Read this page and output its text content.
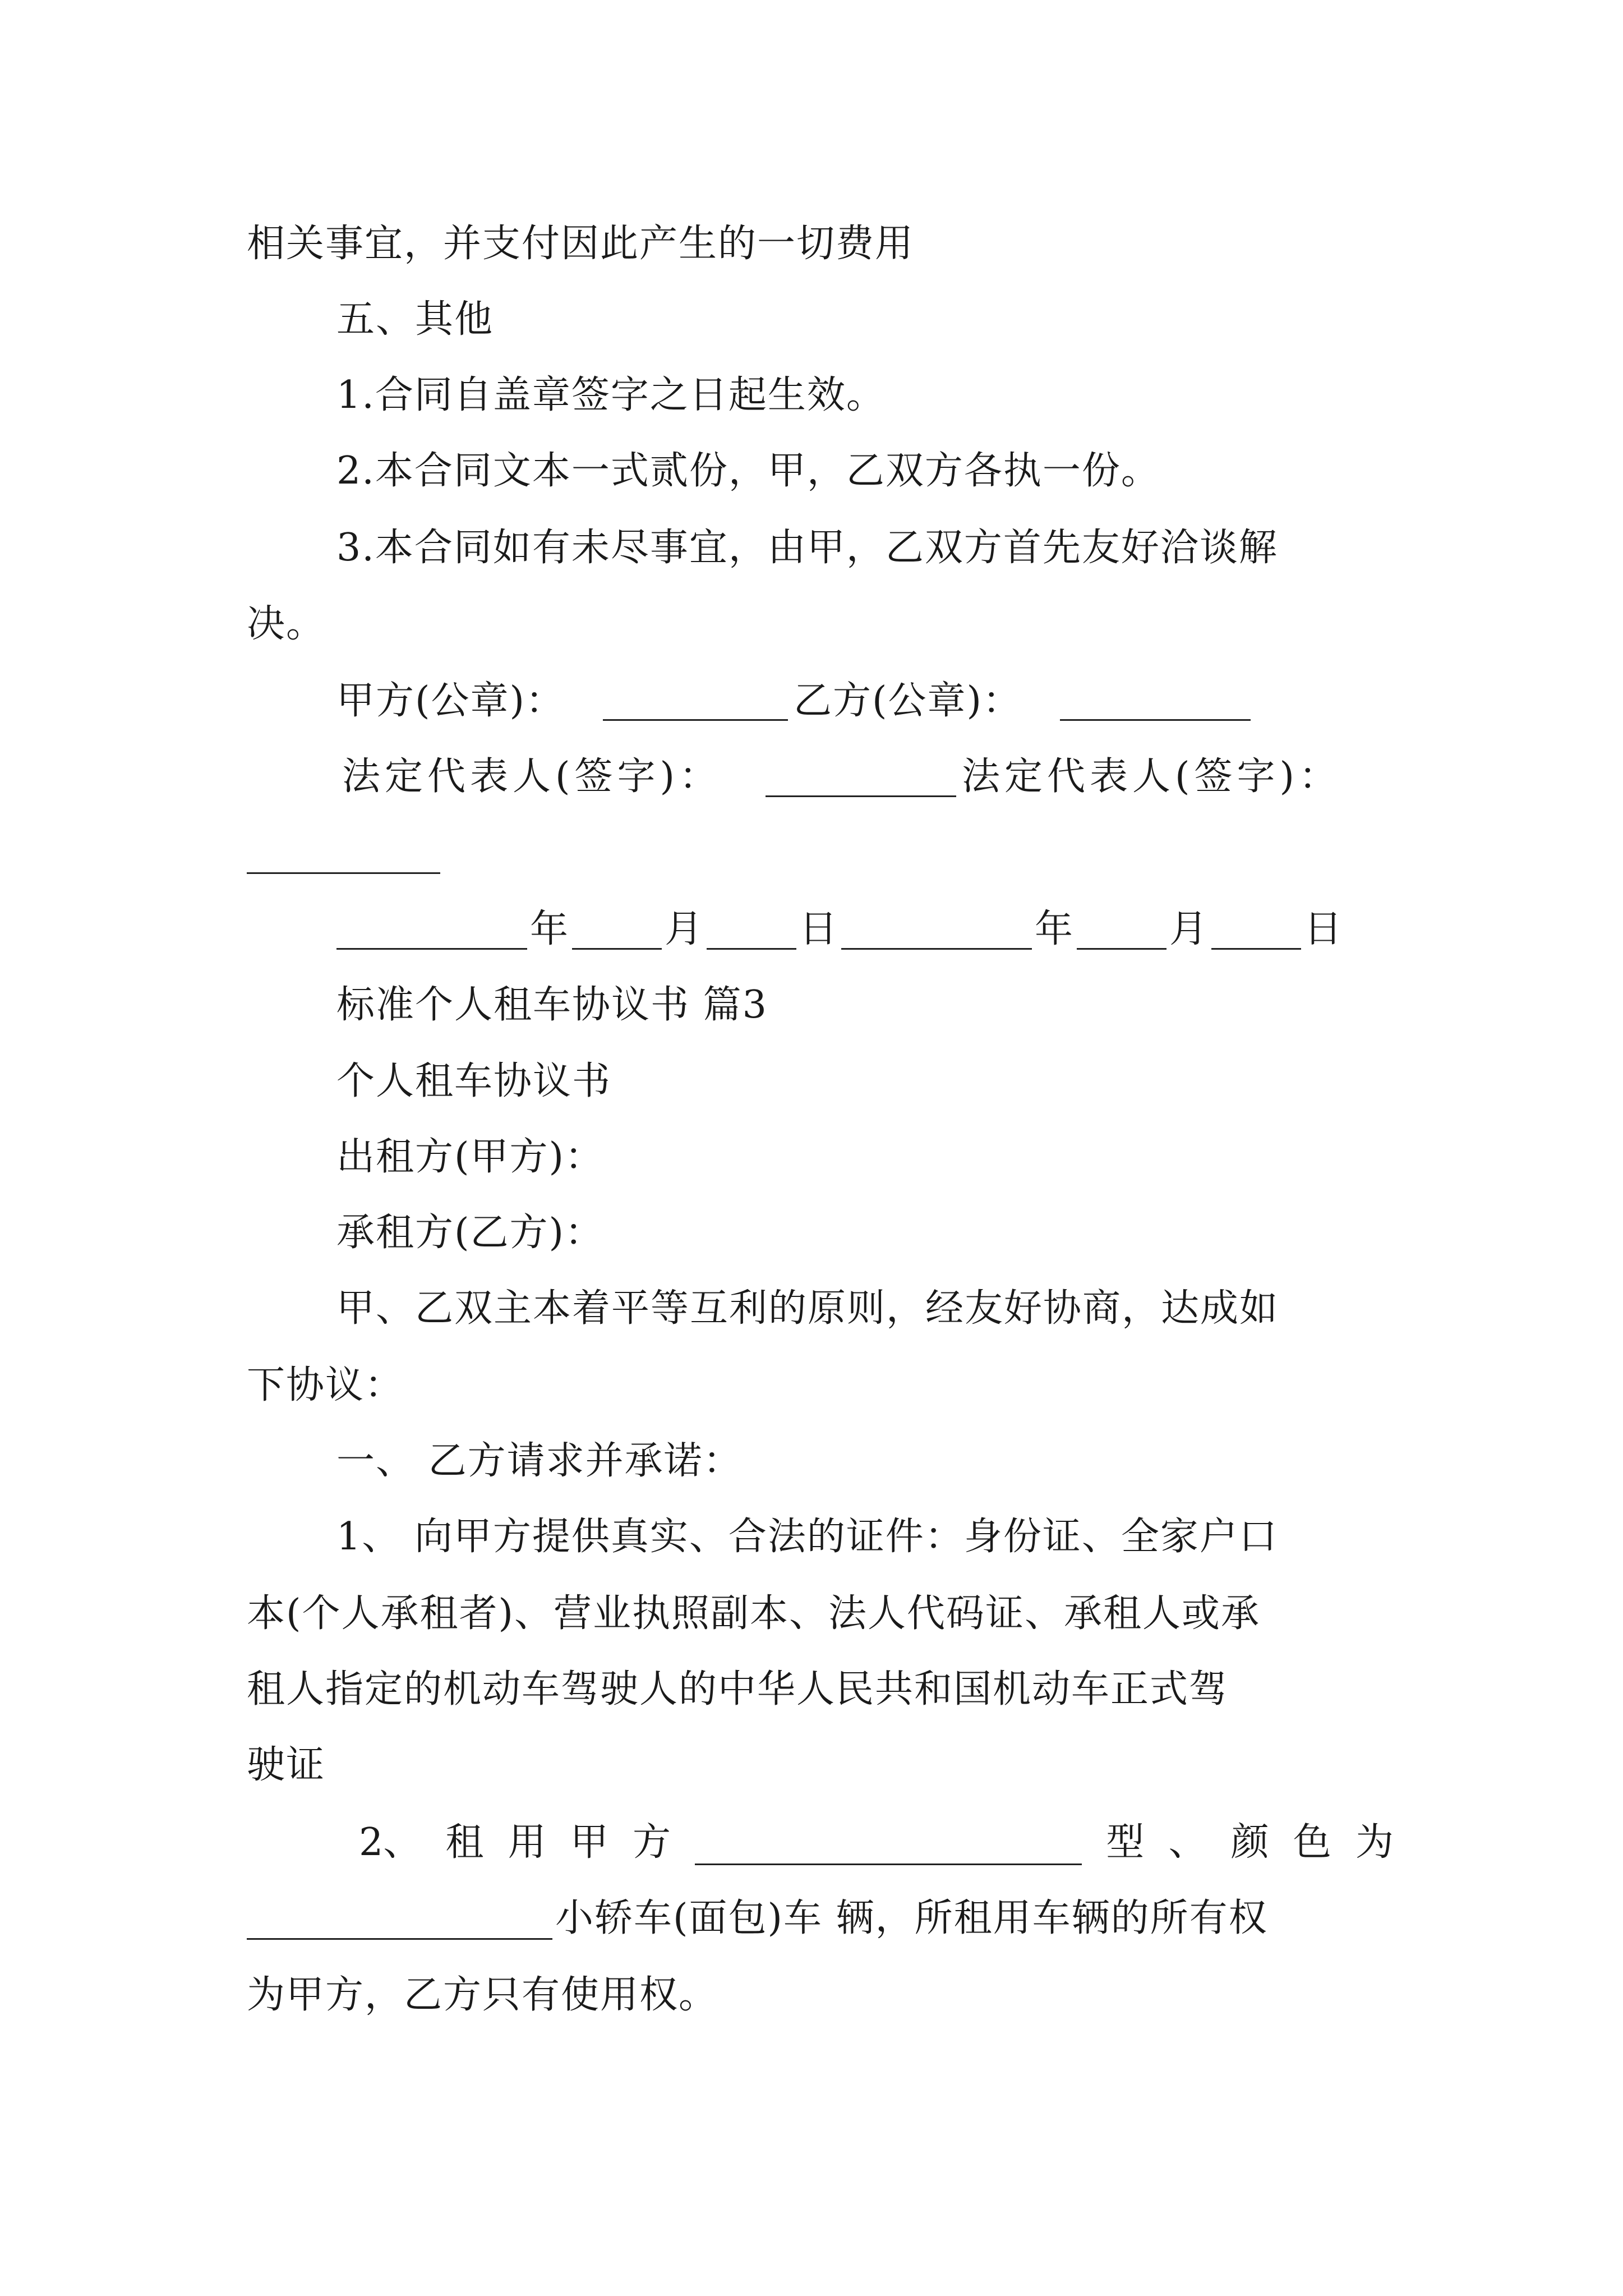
相关事宜，并支付因此产生的一切费用
五、其他
1.合同自盖章签字之日起生效。
2.本合同文本一式贰份，甲，乙双方各执一份。
3.本合同如有未尽事宜，由甲，乙双方首先友好洽谈解
决。
甲方(公章)：	乙方(公章)：
法定代表人(签字)：	法定代表人(签字)：
年 月 日	年 月 日
标准个人租车协议书 篇3
个人租车协议书
出租方(甲方)：
承租方(乙方)：
甲、乙双主本着平等互利的原则，经友好协商，达成如
下协议：
一、 乙方请求并承诺：
1、 向甲方提供真实、合法的证件：身份证、全家户口
本(个人承租者)、营业执照副本、法人代码证、承租人或承
租人指定的机动车驾驶人的中华人民共和国机动车正式驾
驶证
2、 租 用 甲 方	型 、 颜 色 为
小轿车(面包)车 辆，所租用车辆的所有权
为甲方，乙方只有使用权。
